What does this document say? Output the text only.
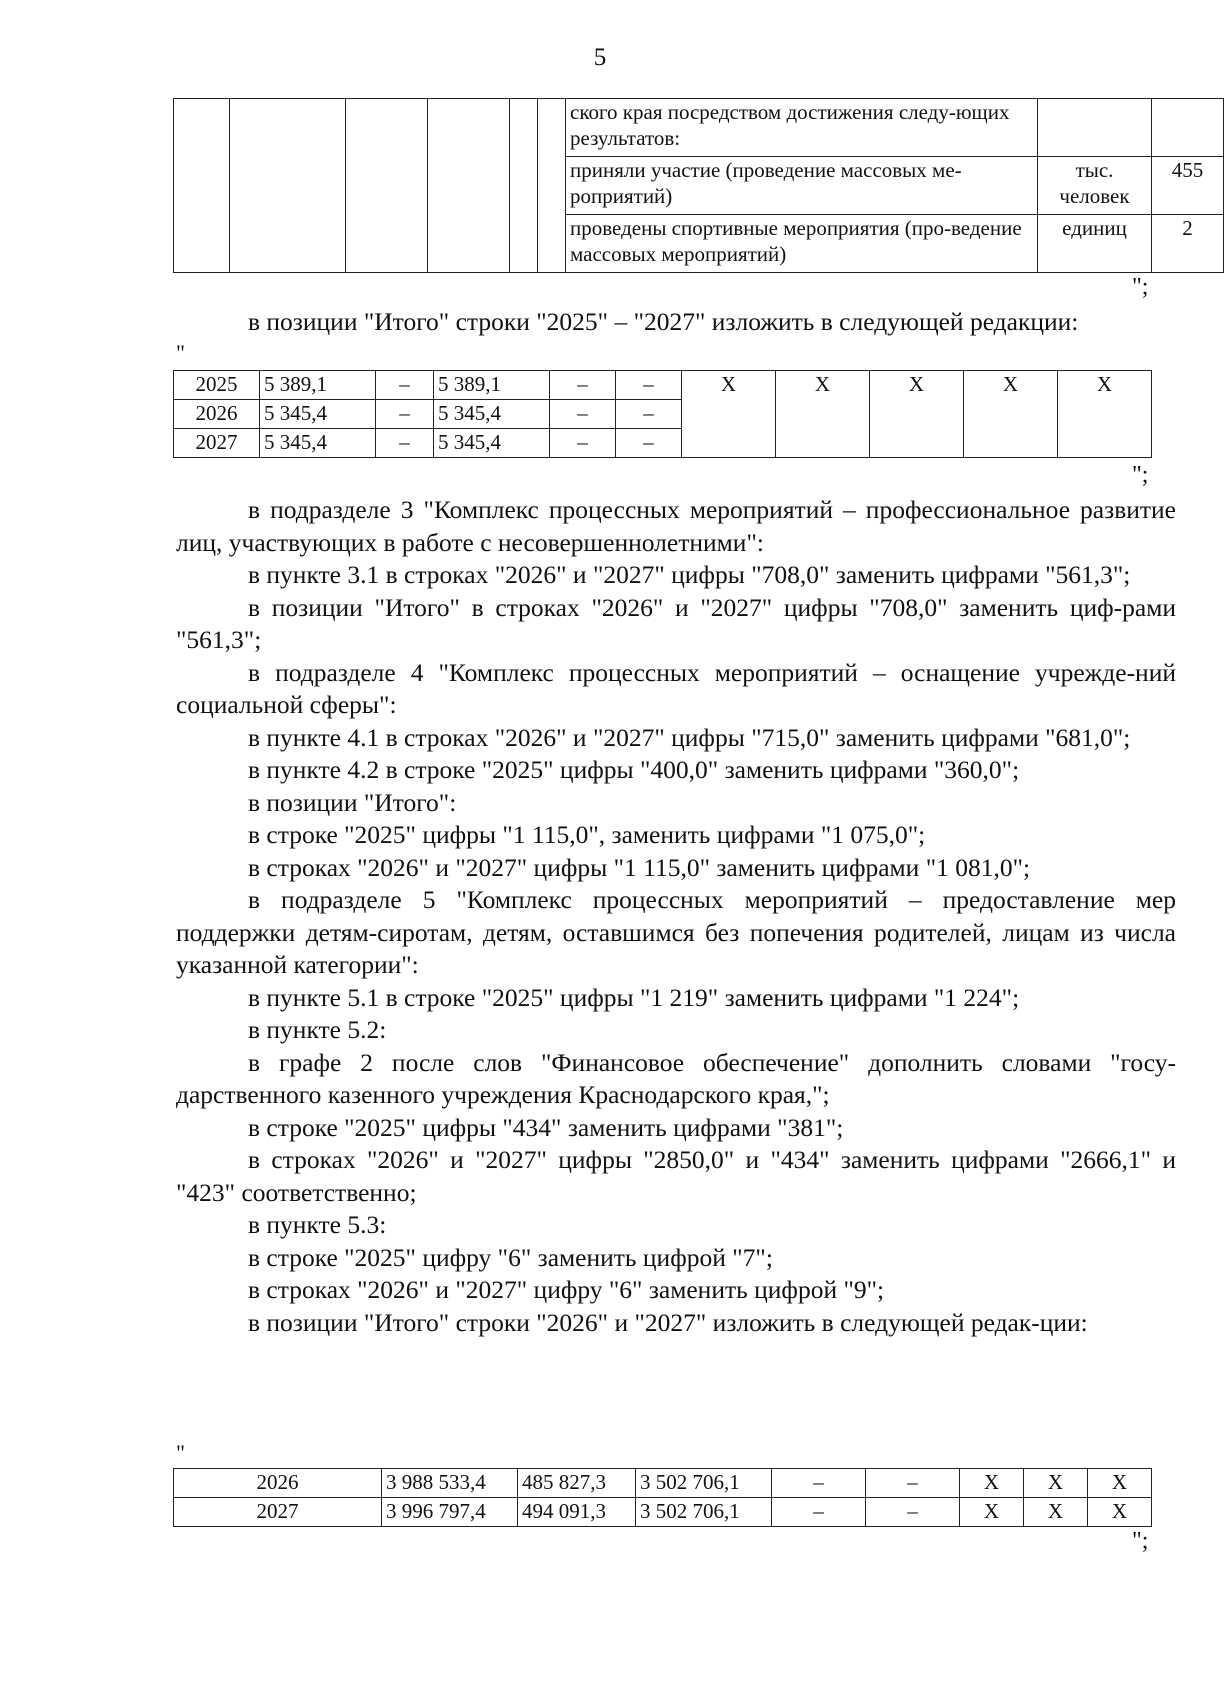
5
						ского края посредством достижения следу-ющих результатов:		
						приняли участие (проведение массовых ме-роприятий)	тыс. человек	455
						проведены спортивные мероприятия (про-ведение массовых мероприятий)	единиц	2
";

в позиции "Итого" строки "2025" – "2027" изложить в следующей редакции:

"
2025	5 389,1	–	5 389,1	–	–	Х	Х	Х	Х	Х
2026	5 345,4	–	5 345,4	–	–					
2027	5 345,4	–	5 345,4	–	–					
";

в подразделе 3 "Комплекс процессных мероприятий – профессиональное развитие лиц, участвующих в работе с несовершеннолетними":

в пункте 3.1 в строках "2026" и "2027" цифры "708,0" заменить цифрами "561,3";

в позиции "Итого" в строках "2026" и "2027" цифры "708,0" заменить циф-рами "561,3";

в подразделе 4 "Комплекс процессных мероприятий – оснащение учрежде-ний социальной сферы":

в пункте 4.1 в строках "2026" и "2027" цифры "715,0" заменить цифрами "681,0";

в пункте 4.2 в строке "2025" цифры "400,0" заменить цифрами "360,0";

в позиции "Итого":

в строке "2025" цифры "1 115,0", заменить цифрами "1 075,0";

в строках "2026" и "2027" цифры "1 115,0" заменить цифрами "1 081,0";

в подразделе 5 "Комплекс процессных мероприятий – предоставление мер поддержки детям-сиротам, детям, оставшимся без попечения родителей, лицам из числа указанной категории":

в пункте 5.1 в строке "2025" цифры "1 219" заменить цифрами "1 224";

в пункте 5.2:

в графе 2 после слов "Финансовое обеспечение" дополнить словами "госу-дарственного казенного учреждения Краснодарского края,";

в строке "2025" цифры "434" заменить цифрами "381";

в строках "2026" и "2027" цифры "2850,0" и "434" заменить цифрами "2666,1" и "423" соответственно;

в пункте 5.3:

в строке "2025" цифру "6" заменить цифрой "7";

в строках "2026" и "2027" цифру "6" заменить цифрой "9";

в позиции "Итого" строки "2026" и "2027" изложить в следующей редак-ции:

"
2026	3 988 533,4	485 827,3	3 502 706,1	–	–	Х	Х	Х
2027	3 996 797,4	494 091,3	3 502 706,1	–	–	Х	Х	Х
";
